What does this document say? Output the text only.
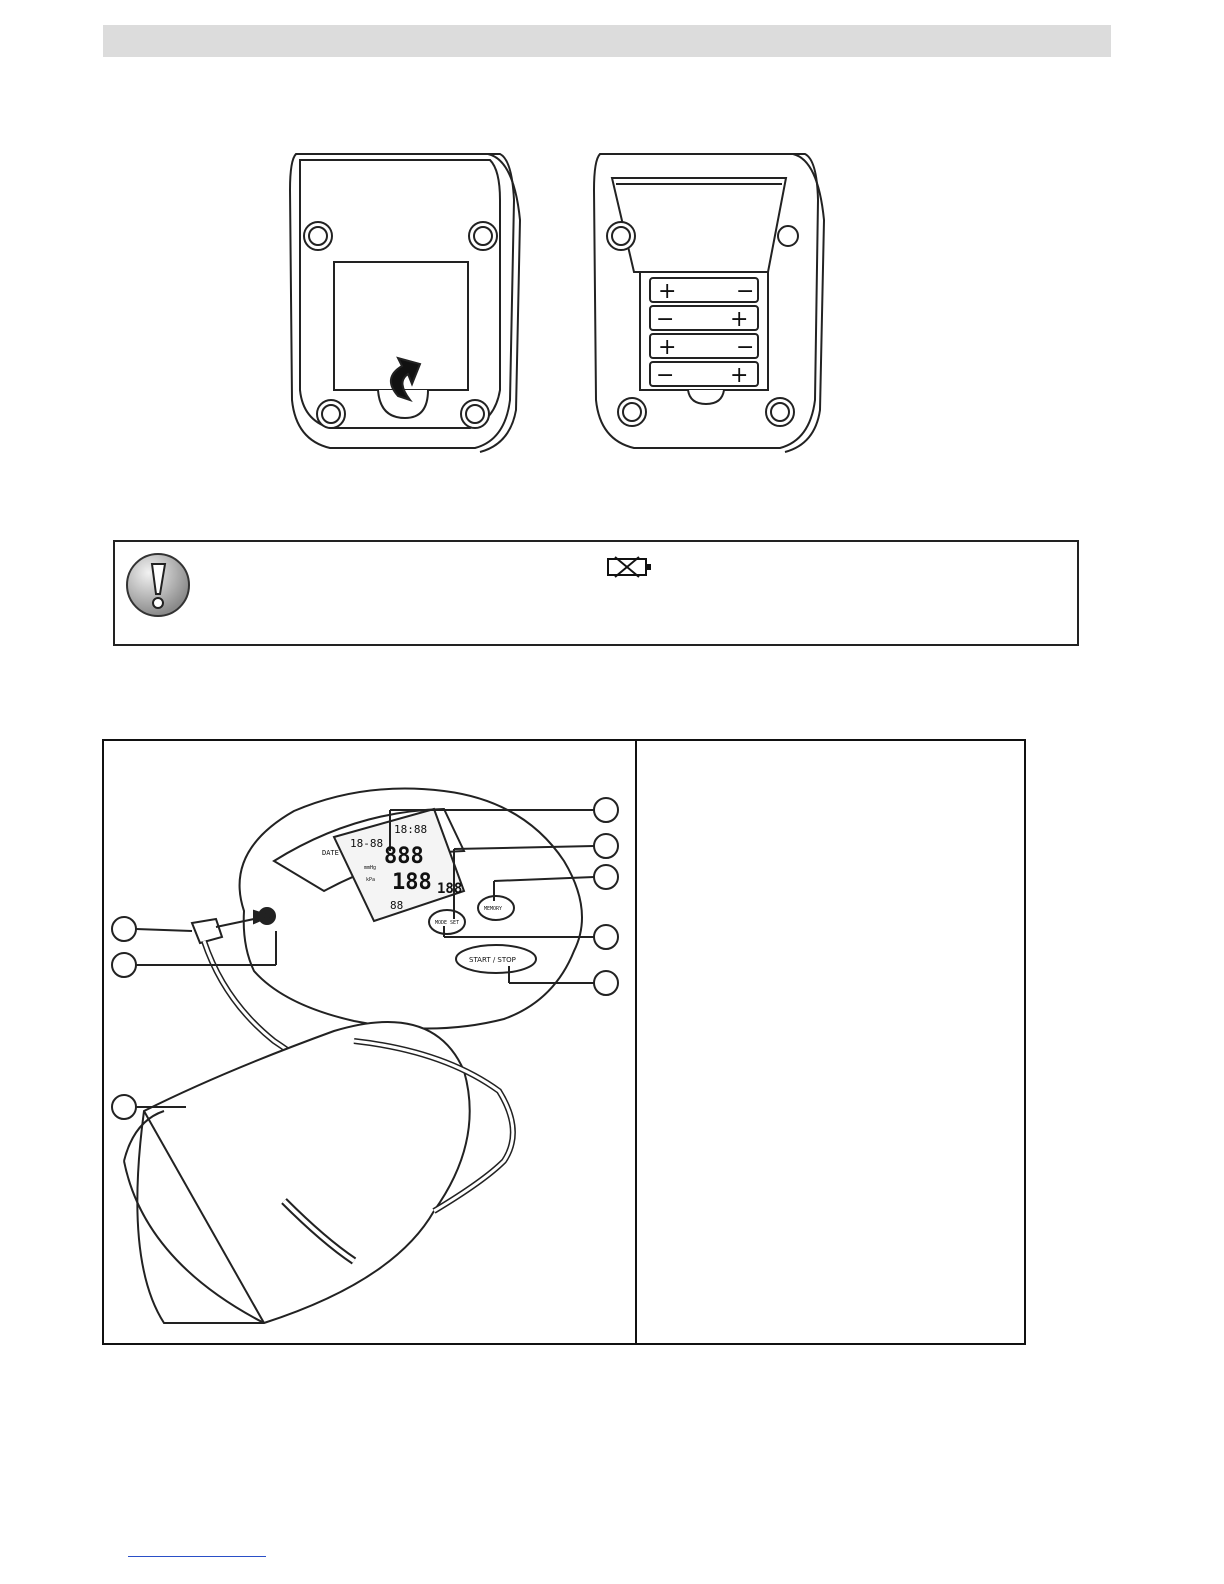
+	−
−	+
+	−
−	+
DATE
18-88
18:88
888
188 188
88
mmHg
kPa
MODE SET
MEMORY
START / STOP
